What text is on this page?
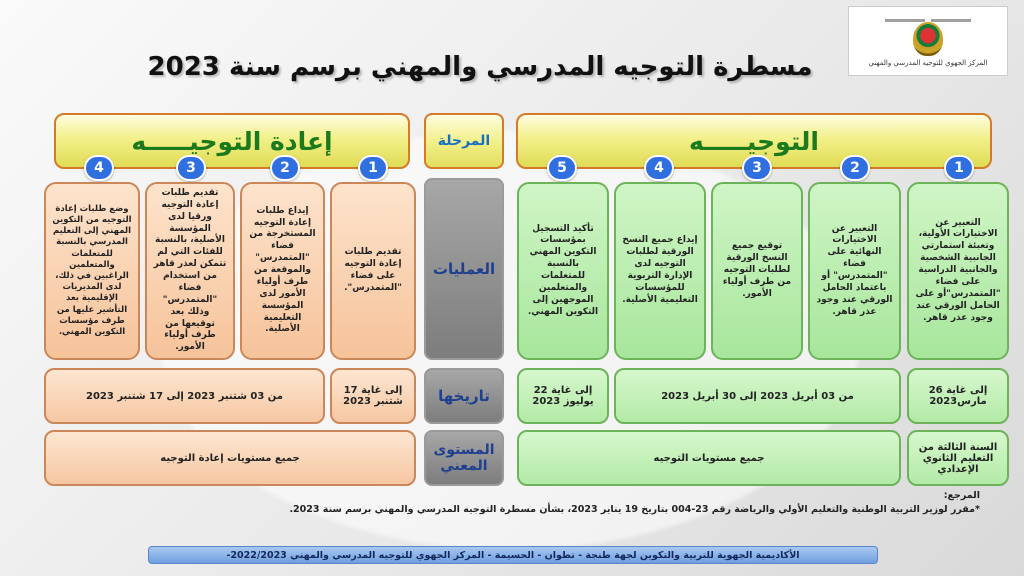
المركز الجهوي للتوجيه المدرسي والمهني
مسطرة التوجيه المدرسي والمهني برسم سنة 2023
التوجيـــــه
إعادة التوجيـــــه	المرحلة
العمليات
تاريخها
المستوى المعني
1
2
3
4
5
1
2
3
4
التعبير عن الاختيارات الأولية، وتعبئة استمارتي الجانبية الشخصية والجانبية الدراسية على فضاء "المتمدرس"أو على الحامل الورقي عند وجود عذر قاهر.
التعبير عن الاختيارات النهائية على فضاء "المتمدرس" أو باعتماد الحامل الورقي عند وجود عذر قاهر.
توقيع جميع النسخ الورقية لطلبات التوجيه من طرف أولياء الأمور.
إيداع جميع النسخ الورقية لطلبات التوجيه لدى الإدارة التربوية للمؤسسات التعليمية الأصلية.
تأكيد التسجيل بمؤسسات التكوين المهني بالنسبة للمتعلمات والمتعلمين الموجهين إلى التكوين المهني.
تقديم طلبات إعادة التوجيه على فضاء "المتمدرس".
إيداع طلبات إعادة التوجيه المستخرجة من فضاء "المتمدرس" والموقعة من طرف أولياء الأمور لدى المؤسسة التعليمية الأصلية.
تقديم طلبات إعادة التوجيه ورقيا لدى المؤسسة الأصلية، بالنسبة للفئات التي لم تتمكن لعذر قاهر من استخدام فضاء "المتمدرس" وذلك بعد توقيعها من طرف أولياء الأمور.
وضع طلبات إعادة التوجيه من التكوين المهني إلى التعليم المدرسي بالنسبة للمتعلمات والمتعلمين الراغبين في ذلك، لدى المديريات الإقليمية بعد التأشير عليها من طرف مؤسسات التكوين المهني.
إلى غاية 26 مارس2023
من 03 أبريل 2023 إلى 30 أبريل 2023
إلى غاية 22 يوليوز 2023
إلى غاية 17 شتنبر 2023
من 03 شتنبر 2023 إلى 17 شتنبر 2023
السنة الثالثة من التعليم الثانوي الإعدادي
جميع مستويات التوجيه
جميع مستويات إعادة التوجيه
المرجع:
*مقرر لوزير التربية الوطنية والتعليم الأولي والرياضة رقم 23-004 بتاريخ 19 يناير 2023، بشأن مسطرة التوجيه المدرسي والمهني برسم سنة 2023.
الأكاديمية الجهوية للتربية والتكوين لجهة طنجة - تطوان - الحسيمة - المركز الجهوي للتوجيه المدرسي والمهني 2022/2023-
